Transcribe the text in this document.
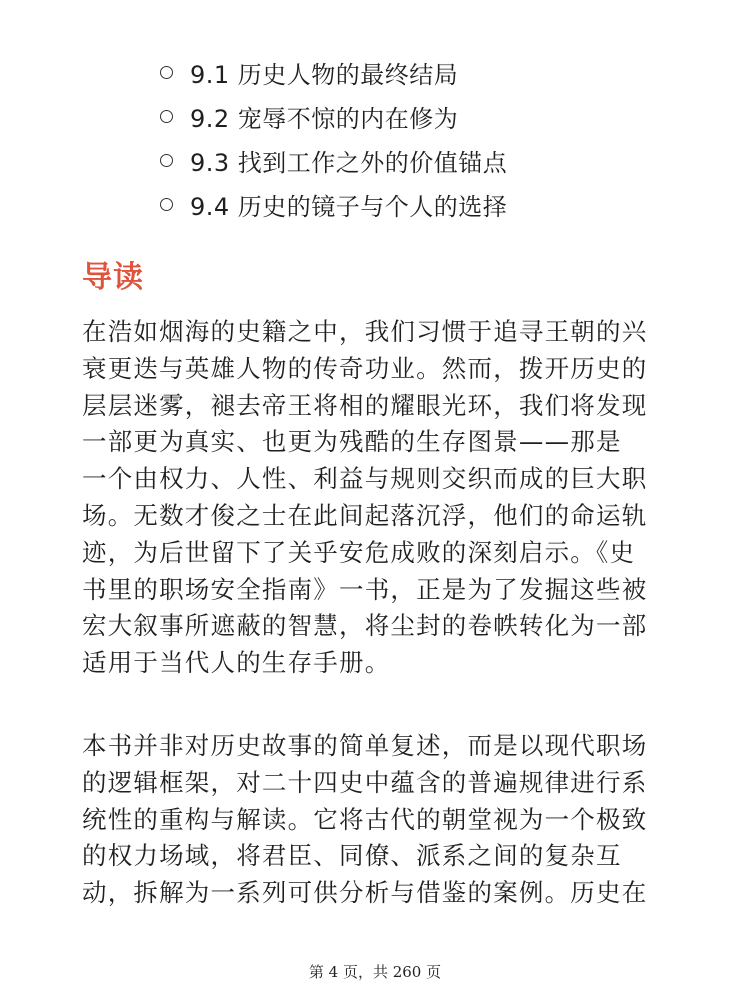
9.1 历史人物的最终结局
9.2 宠辱不惊的内在修为
9.3 找到工作之外的价值锚点
9.4 历史的镜子与个人的选择
导读

在浩如烟海的史籍之中，我们习惯于追寻王朝的兴
衰更迭与英雄人物的传奇功业。然而，拨开历史的
层层迷雾，褪去帝王将相的耀眼光环，我们将发现
一部更为真实、也更为残酷的生存图景——那是
一个由权力、人性、利益与规则交织而成的巨大职
场。无数才俊之士在此间起落沉浮，他们的命运轨
迹，为后世留下了关乎安危成败的深刻启示。《史
书里的职场安全指南》一书，正是为了发掘这些被
宏大叙事所遮蔽的智慧，将尘封的卷帙转化为一部
适用于当代人的生存手册。

本书并非对历史故事的简单复述，而是以现代职场
的逻辑框架，对二十四史中蕴含的普遍规律进行系
统性的重构与解读。它将古代的朝堂视为一个极致
的权力场域，将君臣、同僚、派系之间的复杂互
动，拆解为一系列可供分析与借鉴的案例。历史在

第 4 页，共 260 页
